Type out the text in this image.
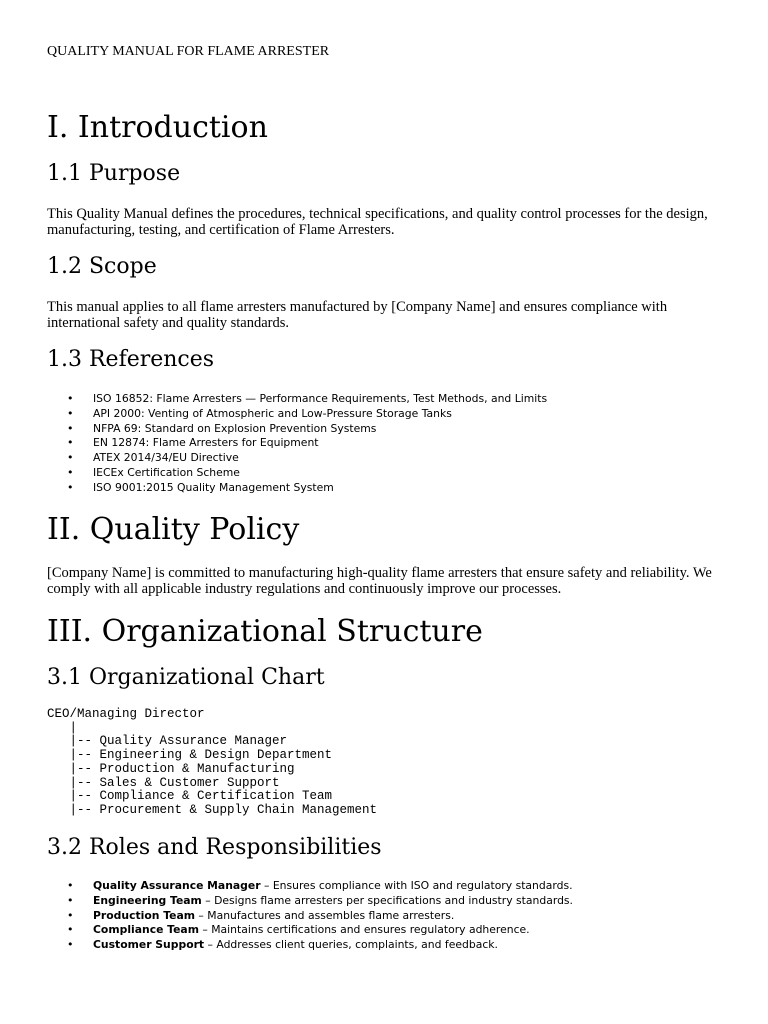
QUALITY MANUAL FOR FLAME ARRESTER

I. Introduction
1.1 Purpose

This Quality Manual defines the procedures, technical specifications, and quality control processes for the design, manufacturing, testing, and certification of Flame Arresters.

1.2 Scope

This manual applies to all flame arresters manufactured by [Company Name] and ensures compliance with international safety and quality standards.

1.3 References
• ISO 16852: Flame Arresters — Performance Requirements, Test Methods, and Limits
• API 2000: Venting of Atmospheric and Low-Pressure Storage Tanks
• NFPA 69: Standard on Explosion Prevention Systems
• EN 12874: Flame Arresters for Equipment
• ATEX 2014/34/EU Directive
• IECEx Certification Scheme
• ISO 9001:2015 Quality Management System
II. Quality Policy

[Company Name] is committed to manufacturing high-quality flame arresters that ensure safety and reliability. We comply with all applicable industry regulations and continuously improve our processes.

III. Organizational Structure
3.1 Organizational Chart
CEO/Managing Director
|
|-- Quality Assurance Manager
|-- Engineering & Design Department
|-- Production & Manufacturing
|-- Sales & Customer Support
|-- Compliance & Certification Team
|-- Procurement & Supply Chain Management
3.2 Roles and Responsibilities
• Quality Assurance Manager – Ensures compliance with ISO and regulatory standards.
• Engineering Team – Designs flame arresters per specifications and industry standards.
• Production Team – Manufactures and assembles flame arresters.
• Compliance Team – Maintains certifications and ensures regulatory adherence.
• Customer Support – Addresses client queries, complaints, and feedback.
